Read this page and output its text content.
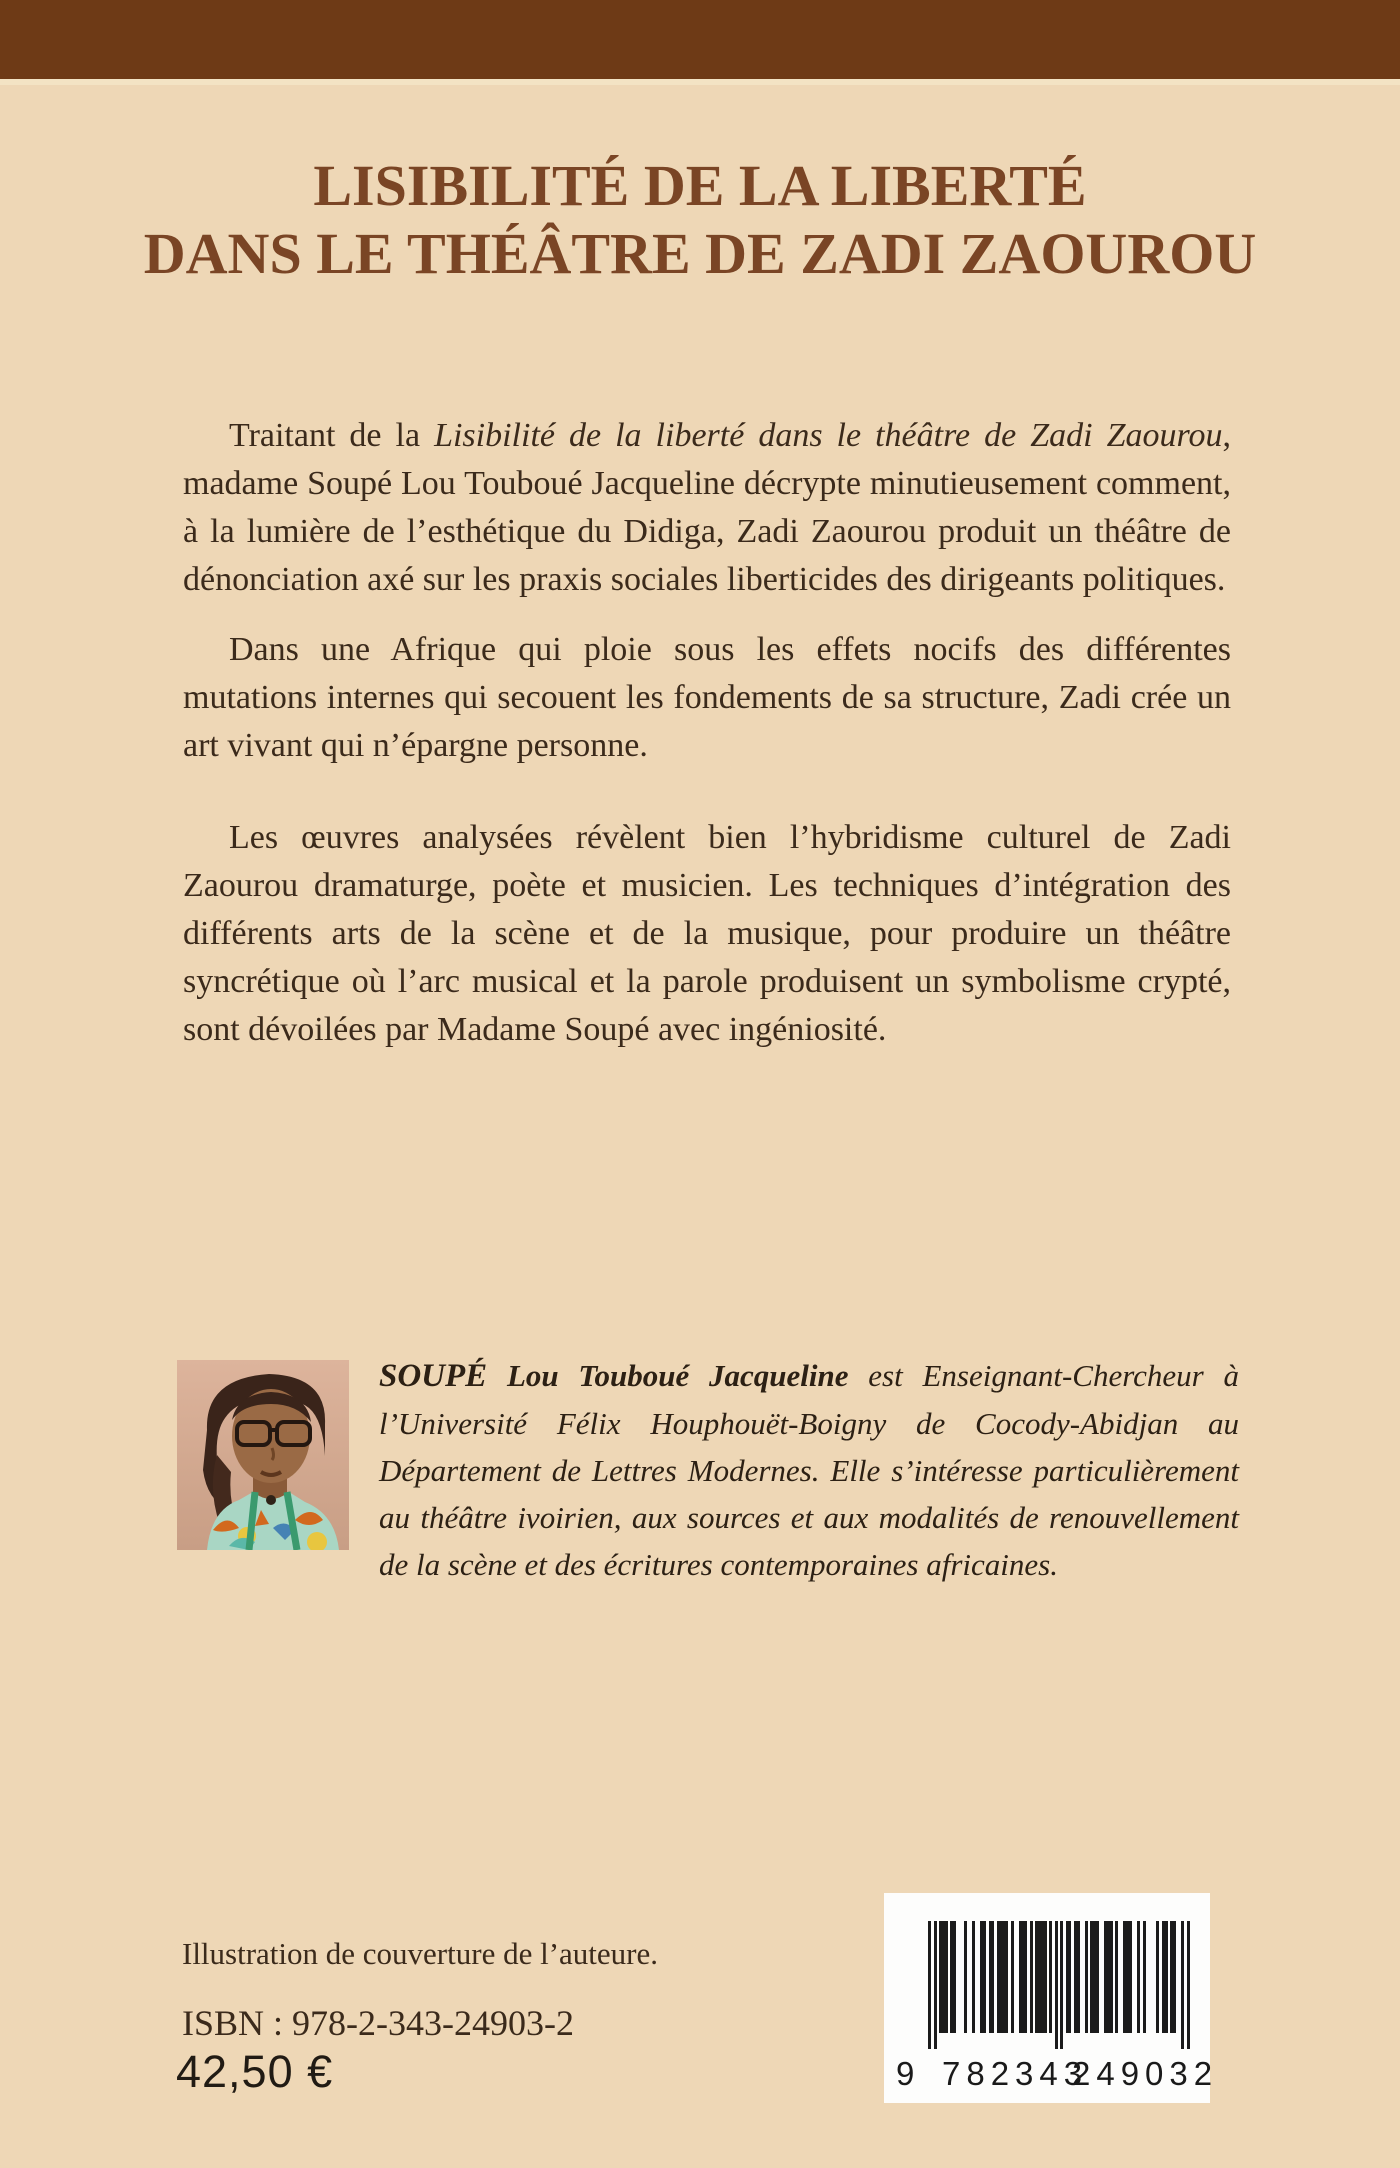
LISIBILITÉ DE LA LIBERTÉ
DANS LE THÉÂTRE DE ZADI ZAOUROU

Traitant de la Lisibilité de la liberté dans le théâtre de Zadi Zaourou, madame Soupé Lou Touboué Jacqueline décrypte minutieusement comment, à la lumière de l’esthétique du Didiga, Zadi Zaourou produit un théâtre de dénonciation axé sur les praxis sociales liberticides des dirigeants politiques.

Dans une Afrique qui ploie sous les effets nocifs des différentes mutations internes qui secouent les fondements de sa structure, Zadi crée un art vivant qui n’épargne personne.

Les œuvres analysées révèlent bien l’hybridisme culturel de Zadi Zaourou dramaturge, poète et musicien. Les techniques d’intégration des différents arts de la scène et de la musique, pour produire un théâtre syncrétique où l’arc musical et la parole produisent un symbolisme crypté, sont dévoilées par Madame Soupé avec ingéniosité.

SOUPÉ Lou Touboué Jacqueline est Enseignant-Chercheur à l’Université Félix Houphouët-Boigny de Cocody-Abidjan au Département de Lettres Modernes. Elle s’intéresse particulièrement au théâtre ivoirien, aux sources et aux modalités de renouvellement de la scène et des écritures contemporaines africaines.
Illustration de couverture de l’auteure.
ISBN : 978-2-343-24903-2
42,50 €	9 782343
249032
